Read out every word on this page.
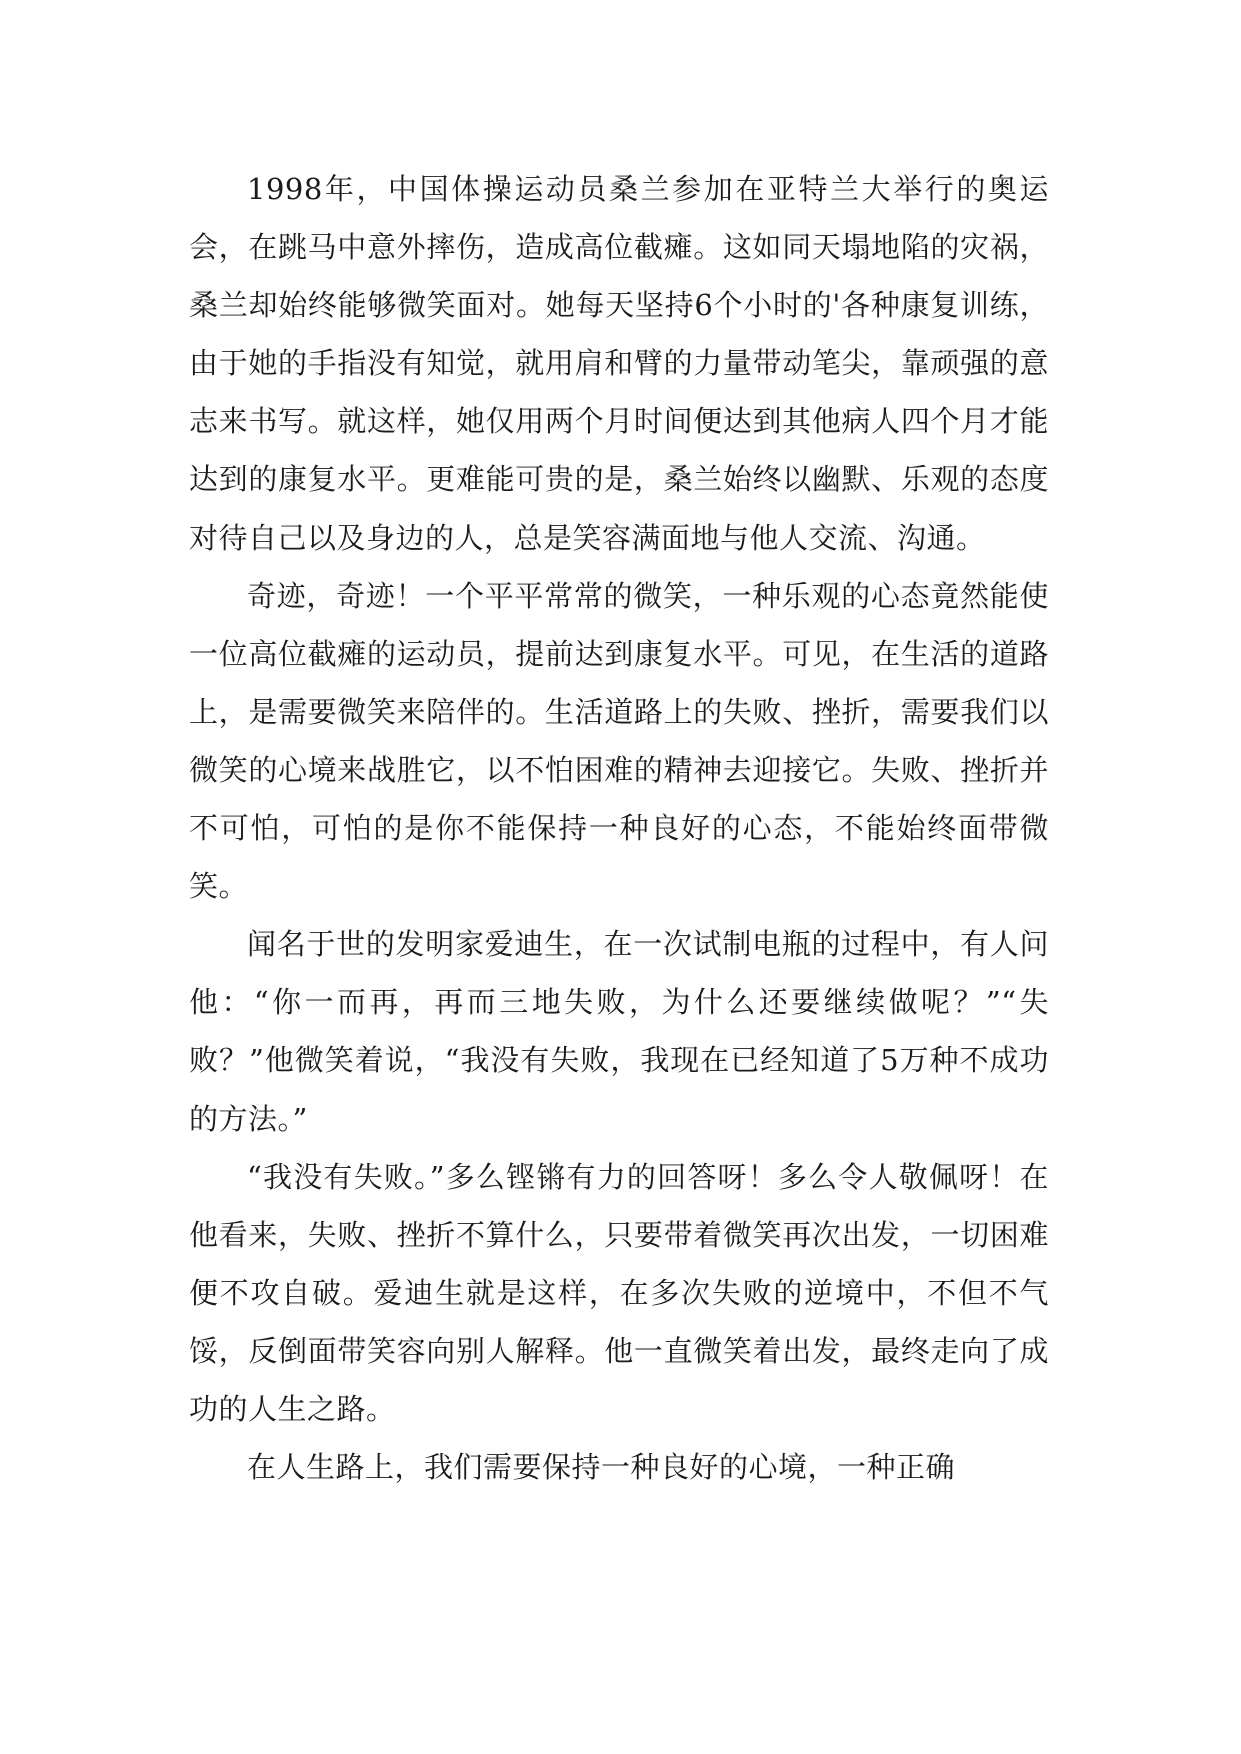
1998年，中国体操运动员桑兰参加在亚特兰大举行的奥运会，在跳马中意外摔伤，造成高位截瘫。这如同天塌地陷的灾祸，桑兰却始终能够微笑面对。她每天坚持6个小时的'各种康复训练，由于她的手指没有知觉，就用肩和臂的力量带动笔尖，靠顽强的意志来书写。就这样，她仅用两个月时间便达到其他病人四个月才能达到的康复水平。更难能可贵的是，桑兰始终以幽默、乐观的态度对待自己以及身边的人，总是笑容满面地与他人交流、沟通。

奇迹，奇迹！一个平平常常的微笑，一种乐观的心态竟然能使一位高位截瘫的运动员，提前达到康复水平。可见，在生活的道路上，是需要微笑来陪伴的。生活道路上的失败、挫折，需要我们以微笑的心境来战胜它，以不怕困难的精神去迎接它。失败、挫折并不可怕，可怕的是你不能保持一种良好的心态，不能始终面带微笑。

闻名于世的发明家爱迪生，在一次试制电瓶的过程中，有人问他：“你一而再，再而三地失败，为什么还要继续做呢？”“失败？”他微笑着说，“我没有失败，我现在已经知道了5万种不成功的方法。”

“我没有失败。”多么铿锵有力的回答呀！多么令人敬佩呀！在他看来，失败、挫折不算什么，只要带着微笑再次出发，一切困难便不攻自破。爱迪生就是这样，在多次失败的逆境中，不但不气馁，反倒面带笑容向别人解释。他一直微笑着出发，最终走向了成功的人生之路。

在人生路上，我们需要保持一种良好的心境，一种正确
